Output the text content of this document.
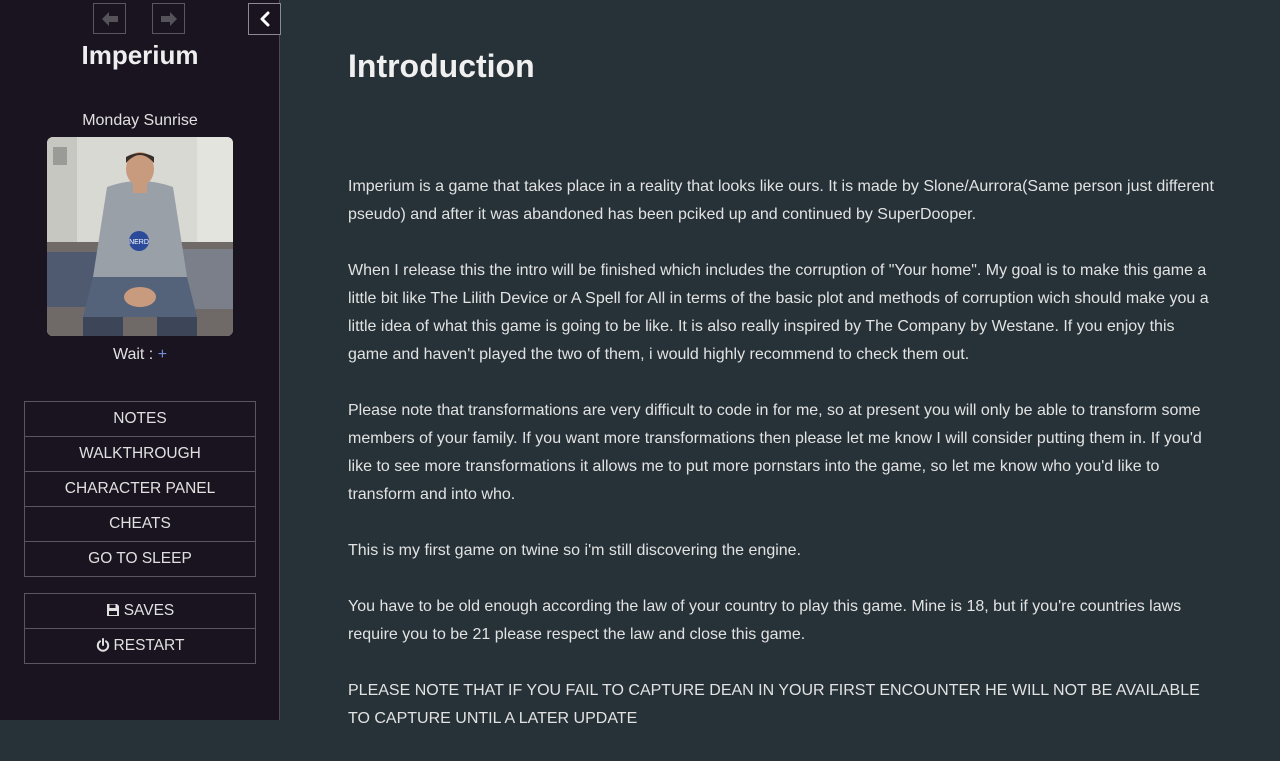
Imperium
Monday Sunrise
NERD
Wait : +
NOTES
WALKTHROUGH
CHARACTER PANEL
CHEATS
GO TO SLEEP
SAVES
RESTART
Introduction

Imperium is a game that takes place in a reality that looks like ours. It is made by Slone/Aurrora(Same person just different pseudo) and after it was abandoned has been pciked up and continued by SuperDooper.

When I release this the intro will be finished which includes the corruption of "Your home". My goal is to make this game a little bit like The Lilith Device or A Spell for All in terms of the basic plot and methods of corruption wich should make you a little idea of what this game is going to be like. It is also really inspired by The Company by Westane. If you enjoy this game and haven't played the two of them, i would highly recommend to check them out.

Please note that transformations are very difficult to code in for me, so at present you will only be able to transform some members of your family. If you want more transformations then please let me know I will consider putting them in. If you'd like to see more transformations it allows me to put more pornstars into the game, so let me know who you'd like to transform and into who.

This is my first game on twine so i'm still discovering the engine.

You have to be old enough according the law of your country to play this game. Mine is 18, but if you're countries laws require you to be 21 please respect the law and close this game.

PLEASE NOTE THAT IF YOU FAIL TO CAPTURE DEAN IN YOUR FIRST ENCOUNTER HE WILL NOT BE AVAILABLE TO CAPTURE UNTIL A LATER UPDATE
